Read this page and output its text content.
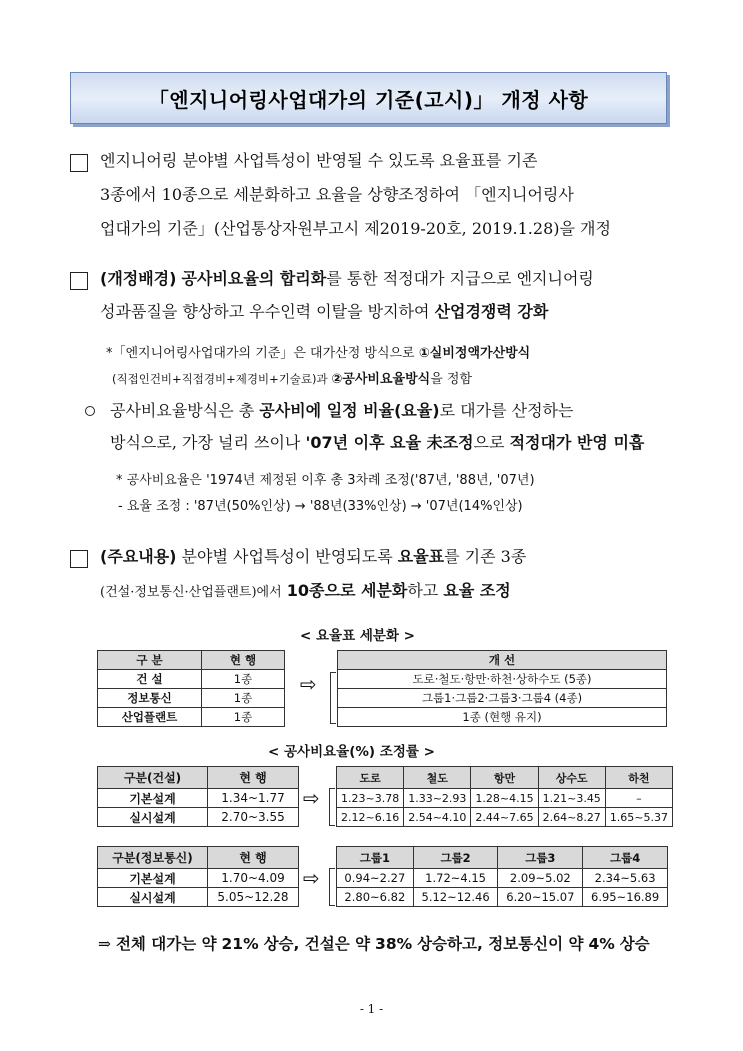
「엔지니어링사업대가의 기준(고시)」 개정 사항
엔지니어링 분야별 사업특성이 반영될 수 있도록 요율표를 기존
3종에서 10종으로 세분화하고 요율을 상향조정하여 「엔지니어링사
업대가의 기준」(산업통상자원부고시 제2019-20호, 2019.1.28)을 개정
(개정배경) 공사비요율의 합리화를 통한 적정대가 지급으로 엔지니어링
성과품질을 향상하고 우수인력 이탈을 방지하여 산업경쟁력 강화
*「엔지니어링사업대가의 기준」은 대가산정 방식으로 ①실비정액가산방식
(직접인건비+직접경비+제경비+기술료)과 ②공사비요율방식을 정함
공사비요율방식은 총 공사비에 일정 비율(요율)로 대가를 산정하는
방식으로, 가장 널리 쓰이나 '07년 이후 요율 未조정으로 적정대가 반영 미흡
* 공사비요율은 '1974년 제정된 이후 총 3차례 조정('87년, '88년, '07년)
- 요율 조정 : '87년(50%인상) → '88년(33%인상) → '07년(14%인상)
(주요내용) 분야별 사업특성이 반영되도록 요율표를 기존 3종
(건설·정보통신·산업플랜트)에서 10종으로 세분화하고 요율 조정
< 요율표 세분화 >
구 분	현 행
건 설	1종
정보통신	1종
산업플랜트	1종
⇨
개 선
도로·철도·항만·하천·상하수도 (5종)
그룹1·그룹2·그룹3·그룹4 (4종)
1종 (현행 유지)
< 공사비요율(%) 조정률 >
구분(건설)	현 행
기본설계	1.34~1.77
실시설계	2.70~3.55
⇨
도로	철도	항만	상수도	하천
1.23~3.78	1.33~2.93	1.28~4.15	1.21~3.45	–
2.12~6.16	2.54~4.10	2.44~7.65	2.64~8.27	1.65~5.37
구분(정보통신)	현 행
기본설계	1.70~4.09
실시설계	5.05~12.28
⇨
그룹1	그룹2	그룹3	그룹4
0.94~2.27	1.72~4.15	2.09~5.02	2.34~5.63
2.80~6.82	5.12~12.46	6.20~15.07	6.95~16.89
⇒ 전체 대가는 약 21% 상승, 건설은 약 38% 상승하고, 정보통신이 약 4% 상승
- 1 -
